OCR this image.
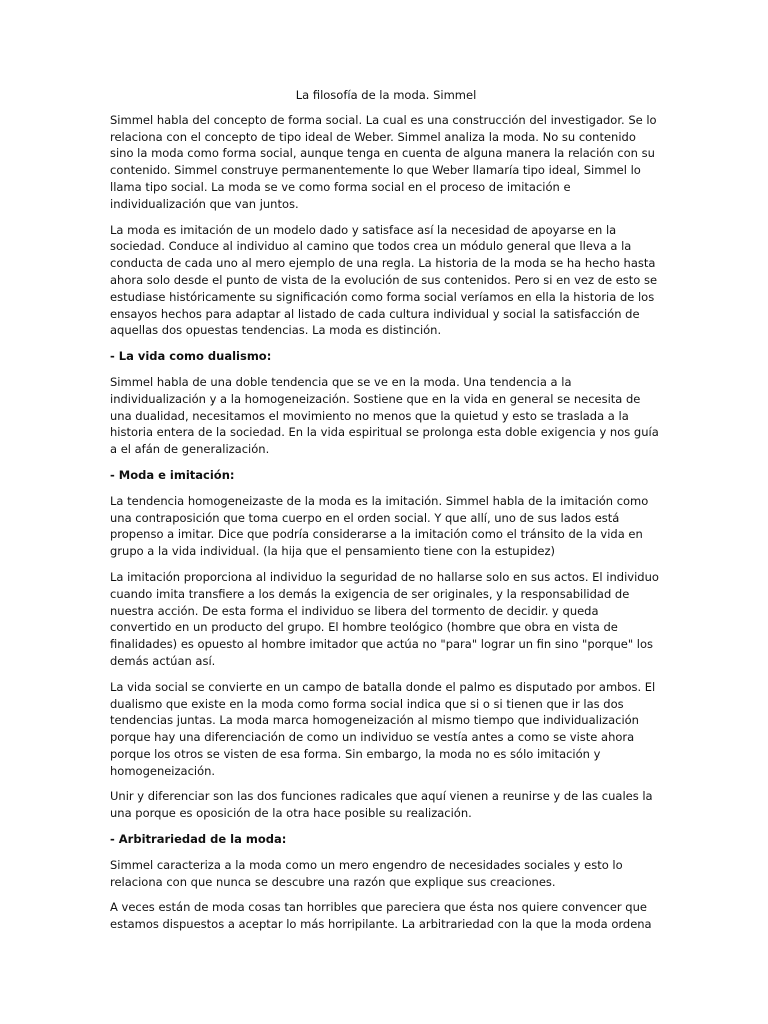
La filosofía de la moda. Simmel

Simmel habla del concepto de forma social. La cual es una construcción del investigador. Se lo relaciona con el concepto de tipo ideal de Weber. Simmel analiza la moda. No su contenido sino la moda como forma social, aunque tenga en cuenta de alguna manera la relación con su contenido. Simmel construye permanentemente lo que Weber llamaría tipo ideal, Simmel lo llama tipo social. La moda se ve como forma social en el proceso de imitación e individualización que van juntos.

La moda es imitación de un modelo dado y satisface así la necesidad de apoyarse en la sociedad. Conduce al individuo al camino que todos crea un módulo general que lleva a la conducta de cada uno al mero ejemplo de una regla. La historia de la moda se ha hecho hasta ahora solo desde el punto de vista de la evolución de sus contenidos. Pero si en vez de esto se estudiase históricamente su significación como forma social veríamos en ella la historia de los ensayos hechos para adaptar al listado de cada cultura individual y social la satisfacción de aquellas dos opuestas tendencias. La moda es distinción.

- La vida como dualismo:

Simmel habla de una doble tendencia que se ve en la moda. Una tendencia a la individualización y a la homogeneización. Sostiene que en la vida en general se necesita de una dualidad, necesitamos el movimiento no menos que la quietud y esto se traslada a la historia entera de la sociedad. En la vida espiritual se prolonga esta doble exigencia y nos guía a el afán de generalización.

- Moda e imitación:

La tendencia homogeneizaste de la moda es la imitación. Simmel habla de la imitación como una contraposición que toma cuerpo en el orden social. Y que allí, uno de sus lados está propenso a imitar. Dice que podría considerarse a la imitación como el tránsito de la vida en grupo a la vida individual. (la hija que el pensamiento tiene con la estupidez)

La imitación proporciona al individuo la seguridad de no hallarse solo en sus actos. El individuo cuando imita transfiere a los demás la exigencia de ser originales, y la responsabilidad de nuestra acción. De esta forma el individuo se libera del tormento de decidir. y queda convertido en un producto del grupo. El hombre teológico (hombre que obra en vista de finalidades) es opuesto al hombre imitador que actúa no "para" lograr un fin sino "porque" los demás actúan así.

La vida social se convierte en un campo de batalla donde el palmo es disputado por ambos. El dualismo que existe en la moda como forma social indica que si o si tienen que ir las dos tendencias juntas. La moda marca homogeneización al mismo tiempo que individualización porque hay una diferenciación de como un individuo se vestía antes a como se viste ahora porque los otros se visten de esa forma. Sin embargo, la moda no es sólo imitación y homogeneización.

Unir y diferenciar son las dos funciones radicales que aquí vienen a reunirse y de las cuales la una porque es oposición de la otra hace posible su realización.

- Arbitrariedad de la moda:

Simmel caracteriza a la moda como un mero engendro de necesidades sociales y esto lo relaciona con que nunca se descubre una razón que explique sus creaciones.

A veces están de moda cosas tan horribles que pareciera que ésta nos quiere convencer que estamos dispuestos a aceptar lo más horripilante. La arbitrariedad con la que la moda ordena
